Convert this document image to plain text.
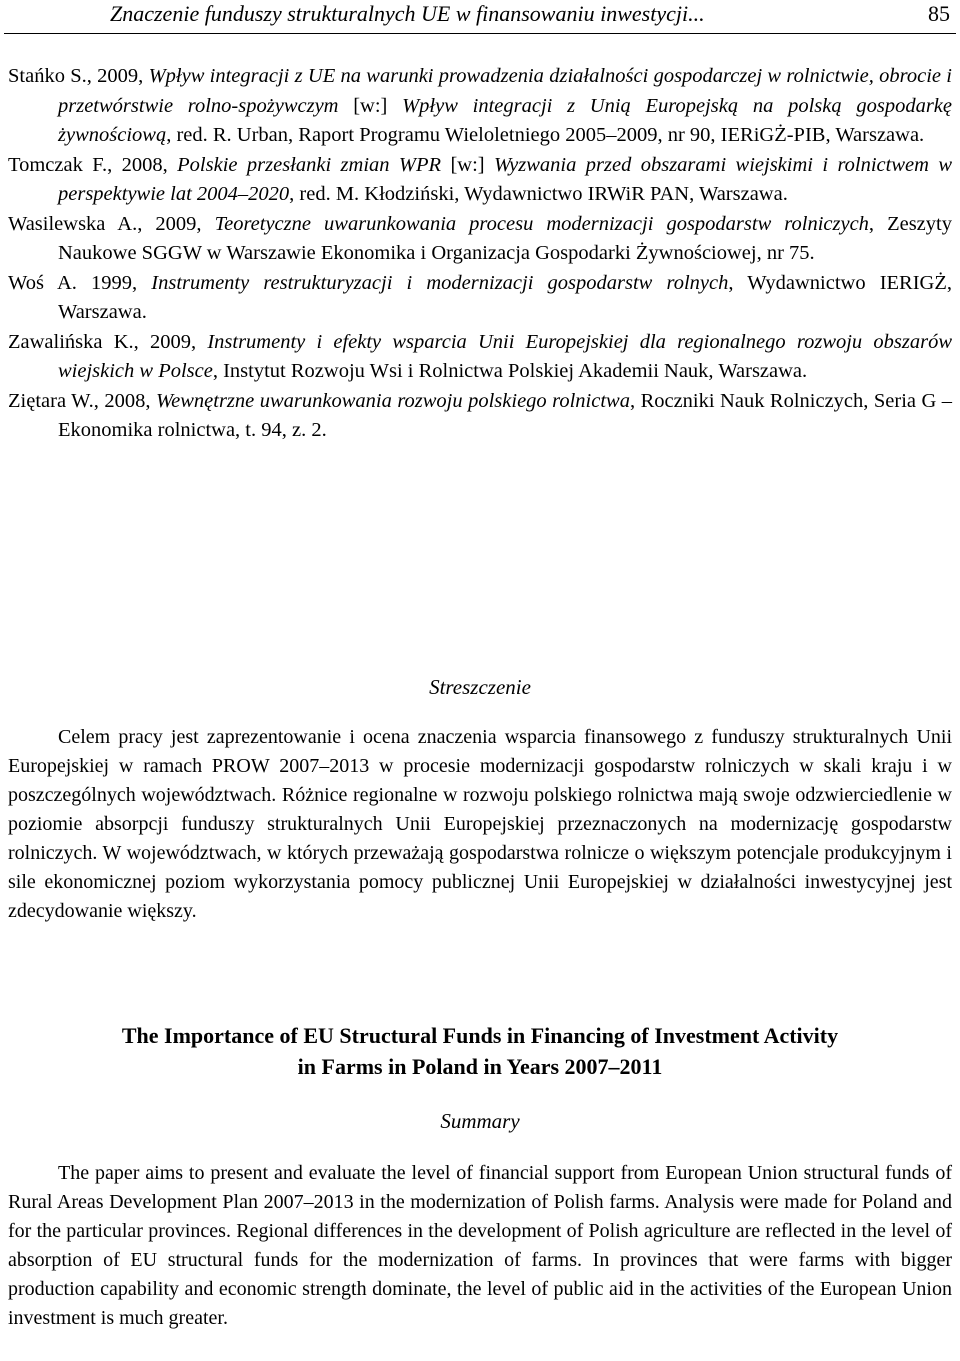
Znaczenie funduszy strukturalnych UE w finansowaniu inwestycji...	85

Stańko S., 2009, Wpływ integracji z UE na warunki prowadzenia działalności gospodarczej w rolnictwie, obrocie i przetwórstwie rolno-spożywczym [w:] Wpływ integracji z Unią Europejską na polską gospodarkę żywnościową, red. R. Urban, Raport Programu Wieloletniego 2005–2009, nr 90, IERiGŻ-PIB, Warszawa.

Tomczak F., 2008, Polskie przesłanki zmian WPR [w:] Wyzwania przed obszarami wiejskimi i rolnictwem w perspektywie lat 2004–2020, red. M. Kłodziński, Wydawnictwo IRWiR PAN, Warszawa.

Wasilewska A., 2009, Teoretyczne uwarunkowania procesu modernizacji gospodarstw rolniczych, Zeszyty Naukowe SGGW w Warszawie Ekonomika i Organizacja Gospodarki Żywnościowej, nr 75.

Woś A. 1999, Instrumenty restrukturyzacji i modernizacji gospodarstw rolnych, Wydawnictwo IERIGŻ, Warszawa.

Zawalińska K., 2009, Instrumenty i efekty wsparcia Unii Europejskiej dla regionalnego rozwoju obszarów wiejskich w Polsce, Instytut Rozwoju Wsi i Rolnictwa Polskiej Akademii Nauk, Warszawa.

Ziętara W., 2008, Wewnętrzne uwarunkowania rozwoju polskiego rolnictwa, Roczniki Nauk Rolniczych, Seria G – Ekonomika rolnictwa, t. 94, z. 2.

Streszczenie

Celem pracy jest zaprezentowanie i ocena znaczenia wsparcia finansowego z funduszy strukturalnych Unii Europejskiej w ramach PROW 2007–2013 w procesie modernizacji gospodarstw rolniczych w skali kraju i w poszczególnych województwach. Różnice regionalne w rozwoju polskiego rolnictwa mają swoje odzwierciedlenie w poziomie absorpcji funduszy strukturalnych Unii Europejskiej przeznaczonych na modernizację gospodarstw rolniczych. W województwach, w których przeważają gospodarstwa rolnicze o większym potencjale produkcyjnym i sile ekonomicznej poziom wykorzystania pomocy publicznej Unii Europejskiej w działalności inwestycyjnej jest zdecydowanie większy.

The Importance of EU Structural Funds in Financing of Investment Activity
in Farms in Poland in Years 2007–2011
Summary

The paper aims to present and evaluate the level of financial support from European Union structural funds of Rural Areas Development Plan 2007–2013 in the modernization of Polish farms. Analysis were made for Poland and for the particular provinces. Regional differences in the development of Polish agriculture are reflected in the level of absorption of EU structural funds for the modernization of farms. In provinces that were farms with bigger production capability and economic strength dominate, the level of public aid in the activities of the European Union investment is much greater.
